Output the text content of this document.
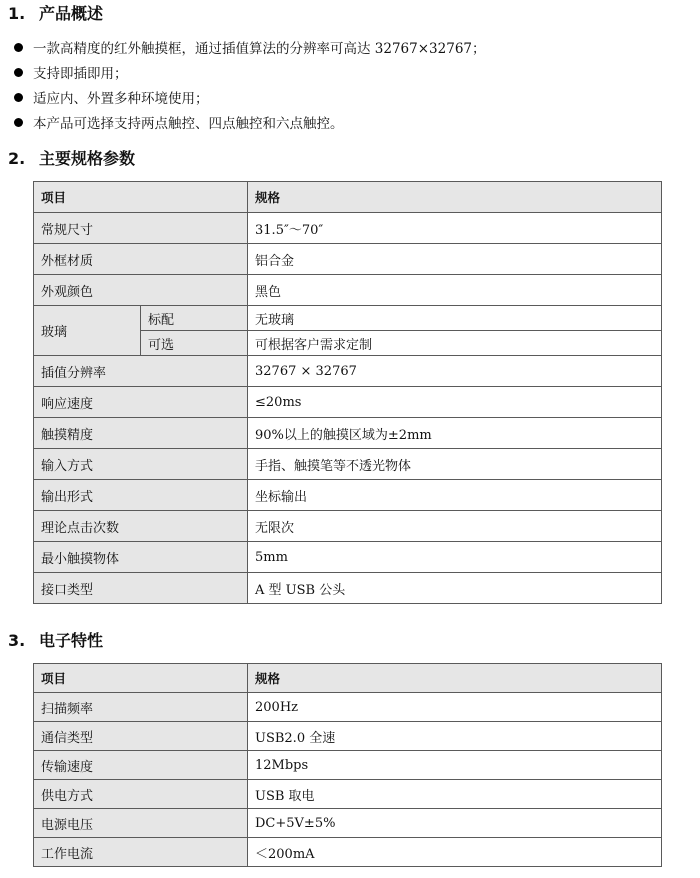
1. 产品概述
一款高精度的红外触摸框，通过插值算法的分辨率可高达 32767×32767；
支持即插即用；
适应内、外置多种环境使用；
本产品可选择支持两点触控、四点触控和六点触控。
2. 主要规格参数
项目		规格
常规尺寸		31.5″～70″
外框材质		铝合金
外观颜色		黑色
玻璃	标配	无玻璃
	可选	可根据客户需求定制
插值分辨率		32767 × 32767
响应速度		≤20ms
触摸精度		90%以上的触摸区域为±2mm
输入方式		手指、触摸笔等不透光物体
输出形式		坐标输出
理论点击次数		无限次
最小触摸物体		5mm
接口类型		A 型 USB 公头
3. 电子特性
项目	规格
扫描频率	200Hz
通信类型	USB2.0 全速
传输速度	12Mbps
供电方式	USB 取电
电源电压	DC+5V±5%
工作电流	＜200mA
